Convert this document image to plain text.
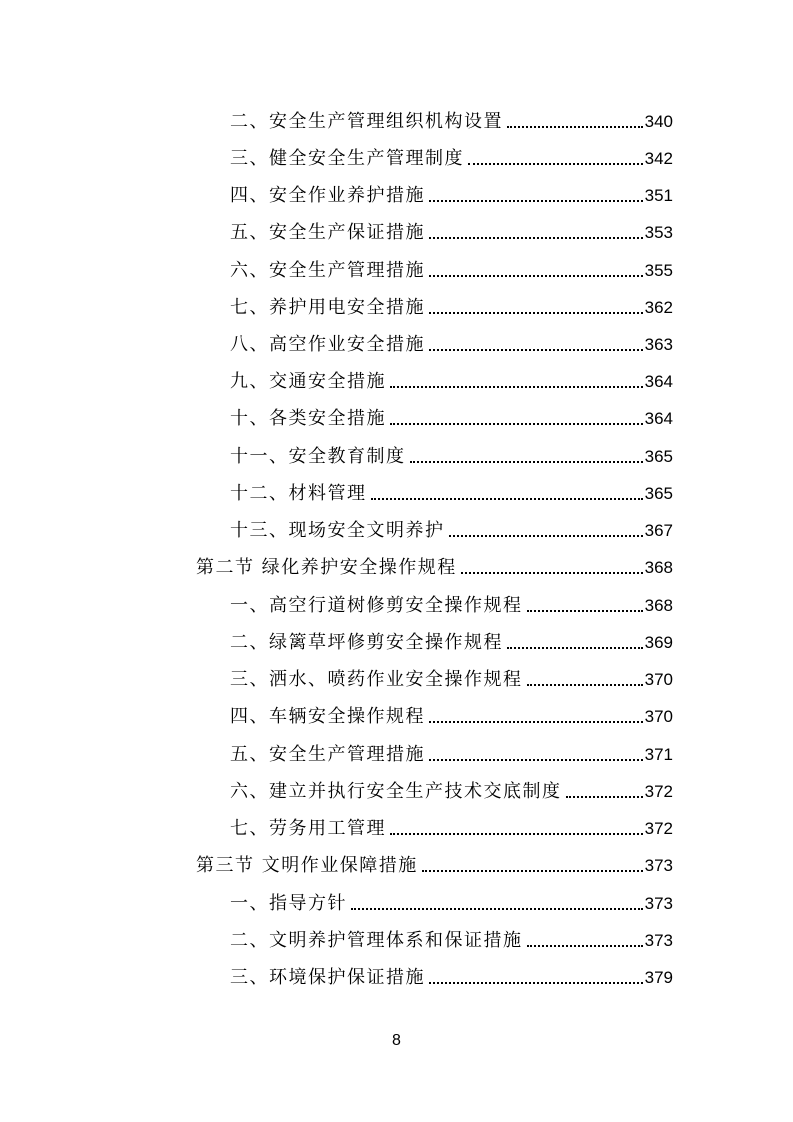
二、安全生产管理组织机构设置	340
三、健全安全生产管理制度	342
四、安全作业养护措施	351
五、安全生产保证措施	353
六、安全生产管理措施	355
七、养护用电安全措施	362
八、高空作业安全措施	363
九、交通安全措施	364
十、各类安全措施	364
十一、安全教育制度	365
十二、材料管理	365
十三、现场安全文明养护	367
第二节 绿化养护安全操作规程	368
一、高空行道树修剪安全操作规程	368
二、绿篱草坪修剪安全操作规程	369
三、洒水、喷药作业安全操作规程	370
四、车辆安全操作规程	370
五、安全生产管理措施	371
六、建立并执行安全生产技术交底制度	372
七、劳务用工管理	372
第三节 文明作业保障措施	373
一、指导方针	373
二、文明养护管理体系和保证措施	373
三、环境保护保证措施	379
8
